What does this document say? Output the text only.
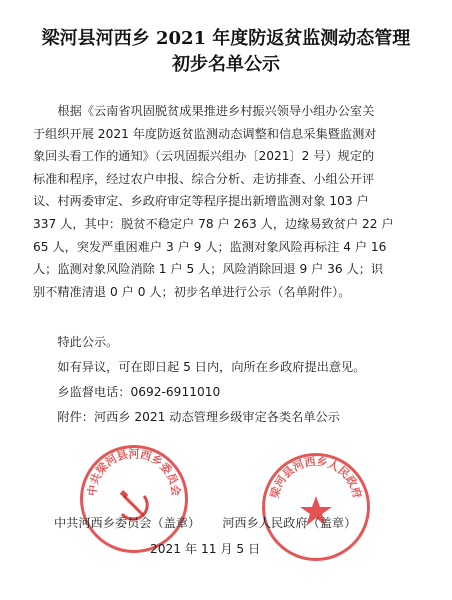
梁河县河西乡 2021 年度防返贫监测动态管理
初步名单公示
根据《云南省巩固脱贫成果推进乡村振兴领导小组办公室关
于组织开展 2021 年度防返贫监测动态调整和信息采集暨监测对
象回头看工作的通知》（云巩固振兴组办〔2021〕2 号）规定的
标准和程序，经过农户申报、综合分析、走访排查、小组公开评
议、村两委审定、乡政府审定等程序提出新增监测对象 103 户
337 人，其中：脱贫不稳定户 78 户 263 人，边缘易致贫户 22 户
65 人，突发严重困难户 3 户 9 人；监测对象风险再标注 4 户 16
人；监测对象风险消除 1 户 5 人；风险消除回退 9 户 36 人；识
别不精准清退 0 户 0 人；初步名单进行公示（名单附件）。
特此公示。
如有异议，可在即日起 5 日内，向所在乡政府提出意见。
乡监督电话：0692-6911010
附件：河西乡 2021 动态管理乡级审定各类名单公示
中共梁河县河西乡委员会	梁河县河西乡人民政府
中共河西乡委员会（盖章） 河西乡人民政府（盖章）
2021 年 11 月 5 日
